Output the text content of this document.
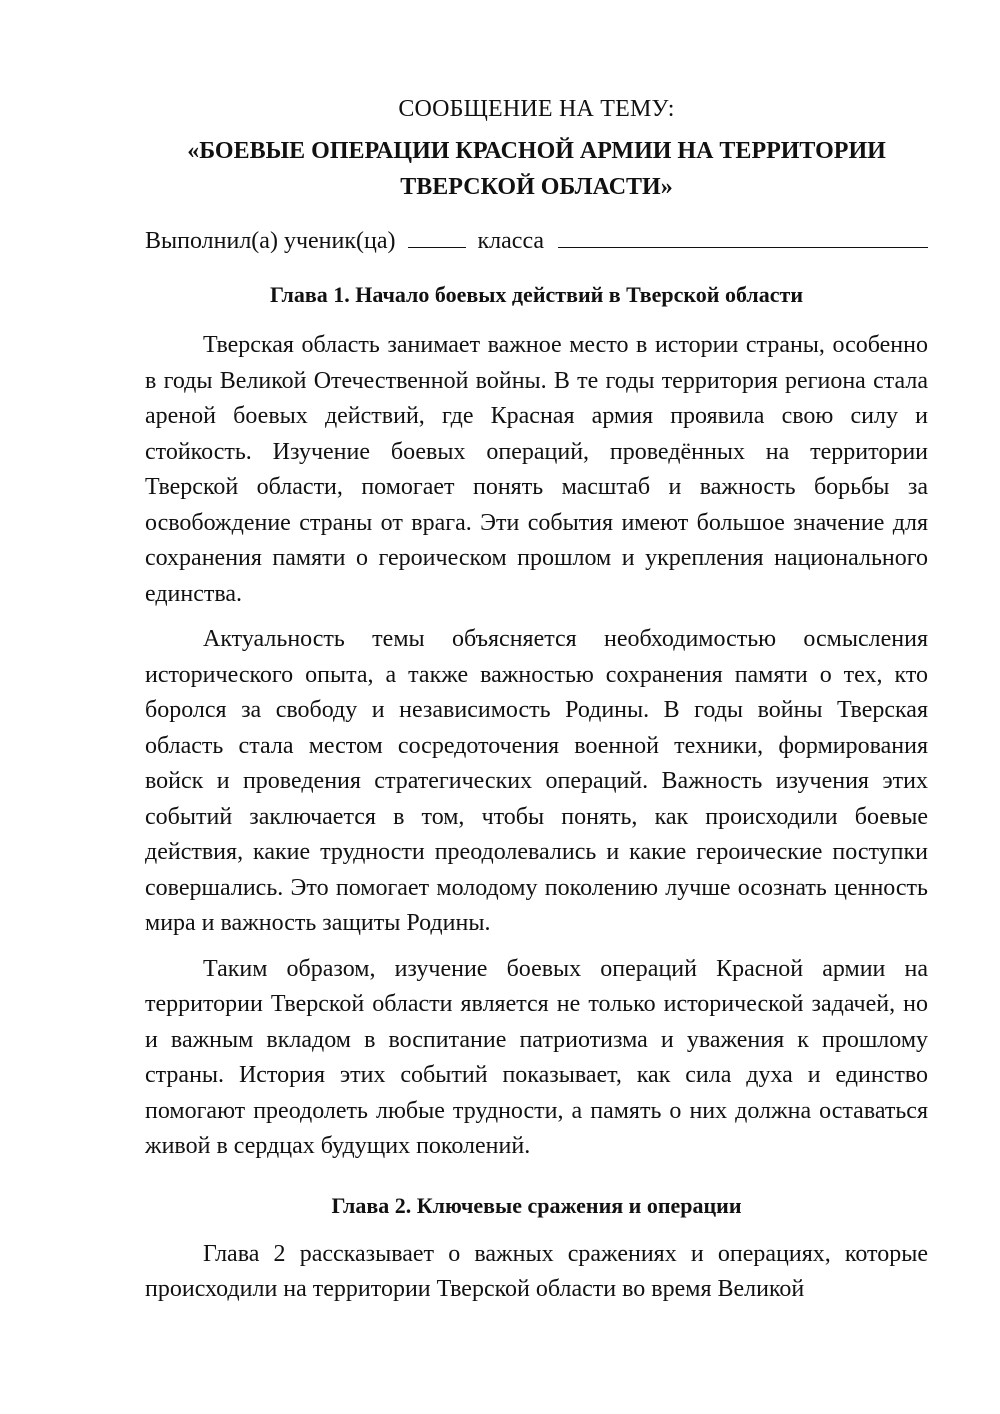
СООБЩЕНИЕ НА ТЕМУ:
«БОЕВЫЕ ОПЕРАЦИИ КРАСНОЙ АРМИИ НА ТЕРРИТОРИИ ТВЕРСКОЙ ОБЛАСТИ»
Выполнил(а) ученик(ца)	класса
Глава 1. Начало боевых действий в Тверской области

Тверская область занимает важное место в истории страны, особенно в годы Великой Отечественной войны. В те годы территория региона стала ареной боевых действий, где Красная армия проявила свою силу и стойкость. Изучение боевых операций, проведённых на территории Тверской области, помогает понять масштаб и важность борьбы за освобождение страны от врага. Эти события имеют большое значение для сохранения памяти о героическом прошлом и укрепления национального единства.

Актуальность темы объясняется необходимостью осмысления исторического опыта, а также важностью сохранения памяти о тех, кто боролся за свободу и независимость Родины. В годы войны Тверская область стала местом сосредоточения военной техники, формирования войск и проведения стратегических операций. Важность изучения этих событий заключается в том, чтобы понять, как происходили боевые действия, какие трудности преодолевались и какие героические поступки совершались. Это помогает молодому поколению лучше осознать ценность мира и важность защиты Родины.

Таким образом, изучение боевых операций Красной армии на территории Тверской области является не только исторической задачей, но и важным вкладом в воспитание патриотизма и уважения к прошлому страны. История этих событий показывает, как сила духа и единство помогают преодолеть любые трудности, а память о них должна оставаться живой в сердцах будущих поколений.

Глава 2. Ключевые сражения и операции

Глава 2 рассказывает о важных сражениях и операциях, которые происходили на территории Тверской области во время Великой
